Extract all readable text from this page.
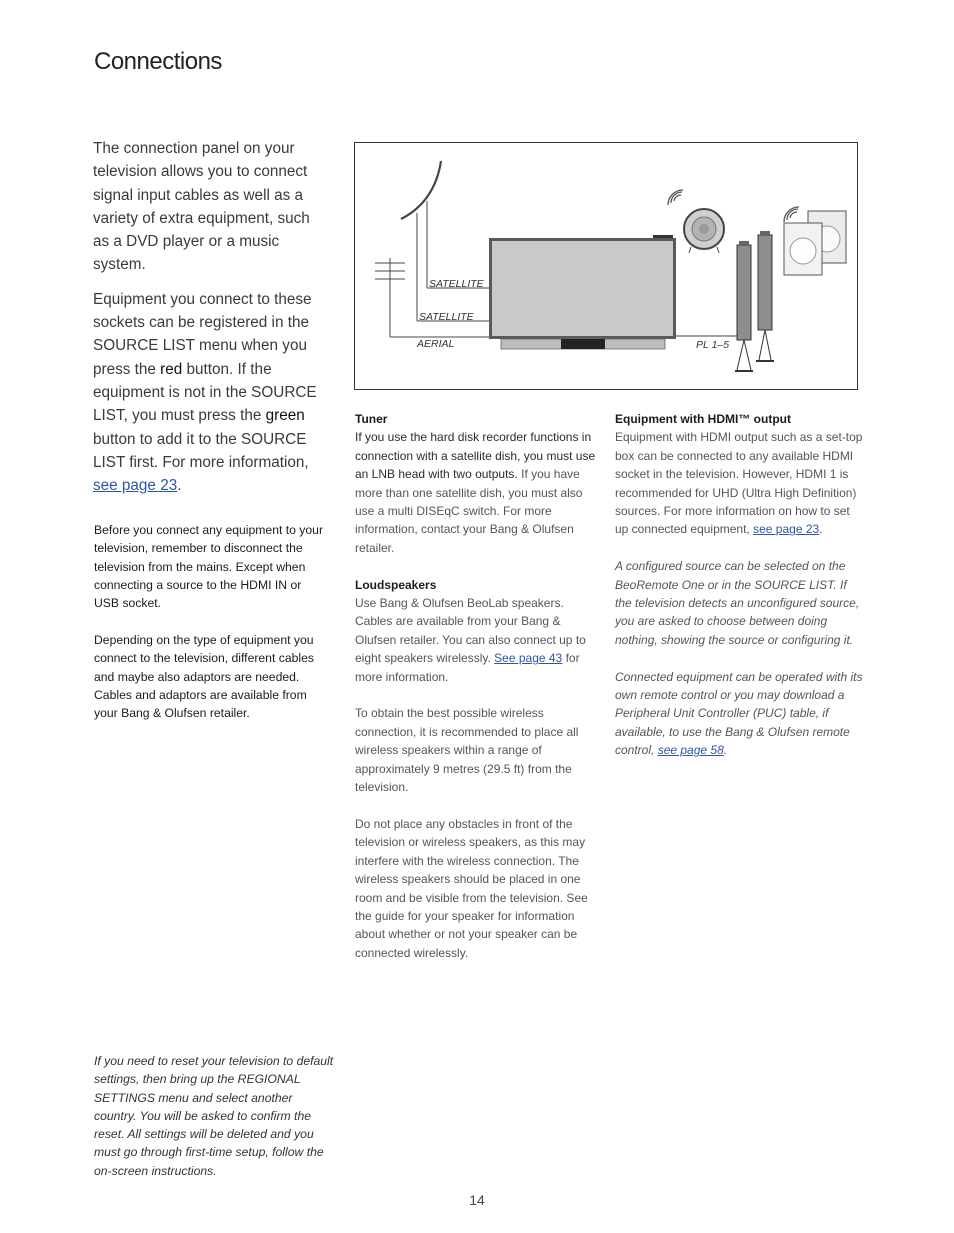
Connections

The connection panel on your television allows you to connect signal input cables as well as a variety of extra equipment, such as a DVD player or a music system.

Equipment you connect to these sockets can be registered in the SOURCE LIST menu when you press the red button. If the equipment is not in the SOURCE LIST, you must press the green button to add it to the SOURCE LIST first. For more information, see page 23.

Before you connect any equipment to your television, remember to disconnect the television from the mains. Except when connecting a source to the HDMI IN or USB socket.

Depending on the type of equipment you connect to the television, different cables and maybe also adaptors are needed. Cables and adaptors are available from your Bang & Olufsen retailer.

SATELLITE
SATELLITE
AERIAL	PL 1–5
Tuner

If you use the hard disk recorder functions in connection with a satellite dish, you must use an LNB head with two outputs. If you have more than one satellite dish, you must also use a multi DISEqC switch. For more information, contact your Bang & Olufsen retailer.

Loudspeakers

Use Bang & Olufsen BeoLab speakers. Cables are available from your Bang & Olufsen retailer. You can also connect up to eight speakers wirelessly. See page 43 for more information.

To obtain the best possible wireless connection, it is recommended to place all wireless speakers within a range of approximately 9 metres (29.5 ft) from the television.

Do not place any obstacles in front of the television or wireless speakers, as this may interfere with the wireless connection. The wireless speakers should be placed in one room and be visible from the television. See the guide for your speaker for information about whether or not your speaker can be connected wirelessly.

Equipment with HDMI™ output

Equipment with HDMI output such as a set-top box can be connected to any available HDMI socket in the television. However, HDMI 1 is recommended for UHD (Ultra High Definition) sources. For more information on how to set up connected equipment, see page 23.

A configured source can be selected on the BeoRemote One or in the SOURCE LIST. If the television detects an unconfigured source, you are asked to choose between doing nothing, showing the source or configuring it.

Connected equipment can be operated with its own remote control or you may download a Peripheral Unit Controller (PUC) table, if available, to use the Bang & Olufsen remote control, see page 58.

If you need to reset your television to default settings, then bring up the REGIONAL SETTINGS menu and select another country. You will be asked to confirm the reset. All settings will be deleted and you must go through first-time setup, follow the on-screen instructions.
14
